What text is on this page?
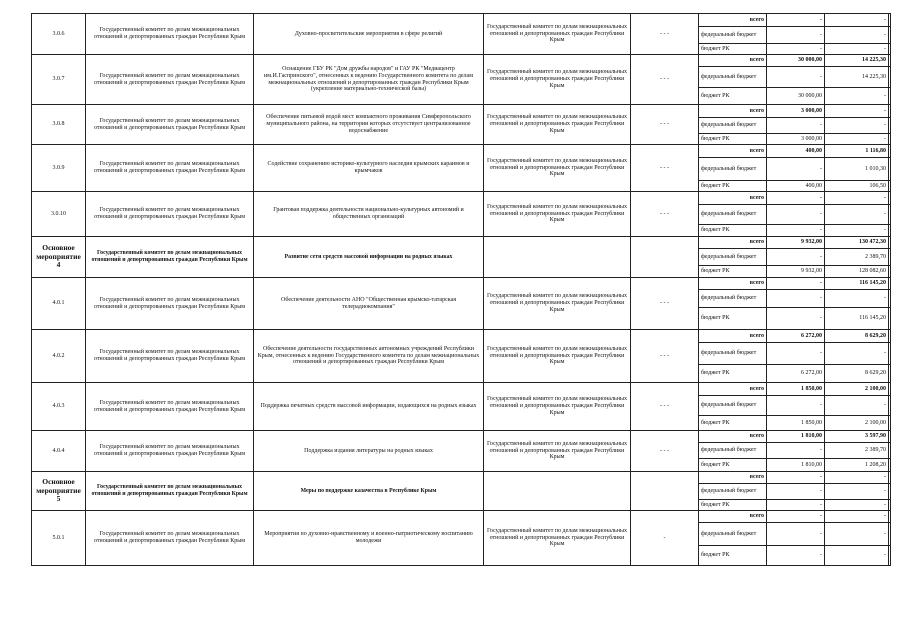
3.0.6	Государственный комитет по делам межнациональных отношений и депортированных граждан Республики Крым	Духовно-просветительские мероприятия в сфере религий	Государственный комитет по делам межнациональных отношений и депортированных граждан Республики Крым	- - -	всего	-	-	
					федеральный бюджет	-	-	
					бюджет РК	-	-	
3.0.7	Государственный комитет по делам межнациональных отношений и депортированных граждан Республики Крым	Оснащение ГБУ РК "Дом дружбы народов" и ГАУ РК "Медиацентр им.И.Гаспринского", отнесенных к ведению Государственного комитета по делам межнациональных отношений и депортированных граждан Республики Крым (укрепление материально-технической базы)	Государственный комитет по делам межнациональных отношений и депортированных граждан Республики Крым	- - -	всего	30 000,00	14 225,30	
					федеральный бюджет	-	14 225,30	
					бюджет РК	30 000,00	-	
3.0.8	Государственный комитет по делам межнациональных отношений и депортированных граждан Республики Крым	Обеспечение питьевой водой мест компактного проживания Симферопольского муниципального района, на территории которых отсутствует централизованное водоснабжение	Государственный комитет по делам межнациональных отношений и депортированных граждан Республики Крым	- - -	всего	3 000,00	-	
					федеральный бюджет	-	-	
					бюджет РК	3 000,00	-	
3.0.9	Государственный комитет по делам межнациональных отношений и депортированных граждан Республики Крым	Содействие сохранению историко-культурного наследия крымских караимов и крымчаков	Государственный комитет по делам межнациональных отношений и депортированных граждан Республики Крым	- - -	всего	400,00	1 116,80	
					федеральный бюджет	-	1 010,30	
					бюджет РК	400,00	106,50	
3.0.10	Государственный комитет по делам межнациональных отношений и депортированных граждан Республики Крым	Грантовая поддержка деятельности национально-культурных автономий и общественных организаций	Государственный комитет по делам межнациональных отношений и депортированных граждан Республики Крым	- - -	всего	-	-	
					федеральный бюджет	-	-	
					бюджет РК	-	-	
Основное мероприятие 4	Государственный комитет по делам межнациональных отношений и депортированных граждан Республики Крым	Развитие сети средств массовой информации на родных языках			всего	9 932,00	130 472,30	
					федеральный бюджет	-	2 389,70	
					бюджет РК	9 932,00	128 082,60	
4.0.1	Государственный комитет по делам межнациональных отношений и депортированных граждан Республики Крым	Обеспечение деятельности АНО "Общественная крымско-татарская телерадиокомпания"	Государственный комитет по делам межнациональных отношений и депортированных граждан Республики Крым	- - -	всего	-	116 145,20	
					федеральный бюджет	-	-	
					бюджет РК	-	116 145,20	
4.0.2	Государственный комитет по делам межнациональных отношений и депортированных граждан Республики Крым	Обеспечение деятельности государственных автономных учреждений Республики Крым, отнесенных к ведению Государственного комитета по делам межнациональных отношений и депортированных граждан Республики Крым	Государственный комитет по делам межнациональных отношений и депортированных граждан Республики Крым	- - -	всего	6 272,00	8 629,20	
					федеральный бюджет	-	-	
					бюджет РК	6 272,00	8 629,20	
4.0.3	Государственный комитет по делам межнациональных отношений и депортированных граждан Республики Крым	Поддержка печатных средств массовой информации, издающихся на родных языках	Государственный комитет по делам межнациональных отношений и депортированных граждан Республики Крым	- - -	всего	1 850,00	2 100,00	
					федеральный бюджет	-	-	
					бюджет РК	1 850,00	2 100,00	
4.0.4	Государственный комитет по делам межнациональных отношений и депортированных граждан Республики Крым	Поддержка издания литературы на родных языках	Государственный комитет по делам межнациональных отношений и депортированных граждан Республики Крым	- - -	всего	1 810,00	3 597,90	
					федеральный бюджет	-	2 389,70	
					бюджет РК	1 810,00	1 208,20	
Основное мероприятие 5	Государственный комитет по делам межнациональных отношений и депортированных граждан Республики Крым	Меры по поддержке казачества в Республике Крым			всего	-	-	
					федеральный бюджет	-	-	
					бюджет РК	-	-	
5.0.1	Государственный комитет по делам межнациональных отношений и депортированных граждан Республики Крым	Мероприятия по духовно-нравственному и военно-патриотическому воспитанию молодежи	Государственный комитет по делам межнациональных отношений и депортированных граждан Республики Крым	-	всего	-	-	
					федеральный бюджет	-	-	
					бюджет РК	-	-	
